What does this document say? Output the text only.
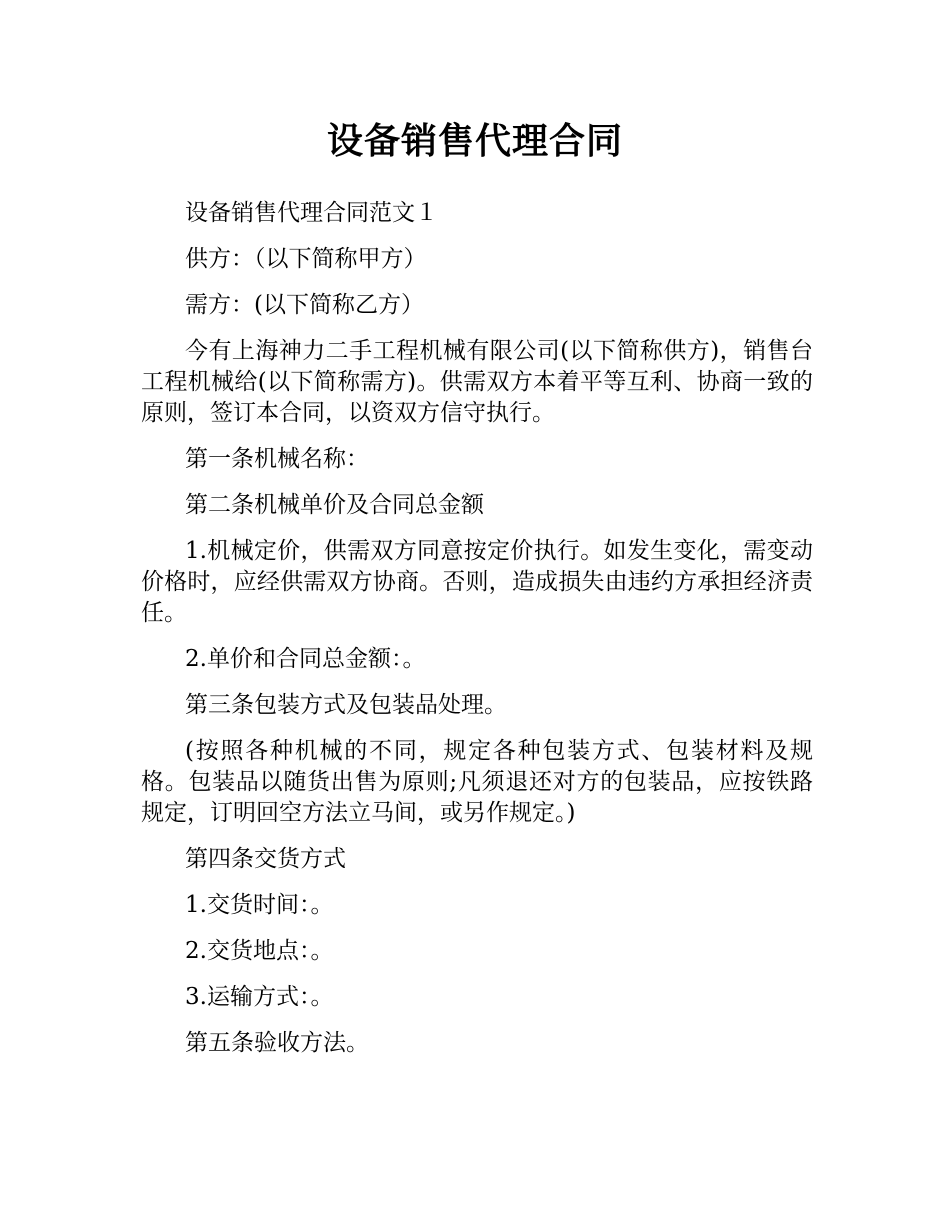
设备销售代理合同

设备销售代理合同范文１

供方：（以下简称甲方）

需方：(以下简称乙方）

今有上海神力二手工程机械有限公司(以下简称供方)，销售台工程机械给(以下简称需方)。供需双方本着平等互利、协商一致的原则，签订本合同，以资双方信守执行。

第一条机械名称：

第二条机械单价及合同总金额

1.机械定价，供需双方同意按定价执行。如发生变化，需变动价格时，应经供需双方协商。否则，造成损失由违约方承担经济责任。

2.单价和合同总金额：。

第三条包装方式及包装品处理。

(按照各种机械的不同，规定各种包装方式、包装材料及规格。包装品以随货出售为原则;凡须退还对方的包装品，应按铁路规定，订明回空方法立马间，或另作规定。)

第四条交货方式

1.交货时间：。

2.交货地点：。

3.运输方式：。

第五条验收方法。
